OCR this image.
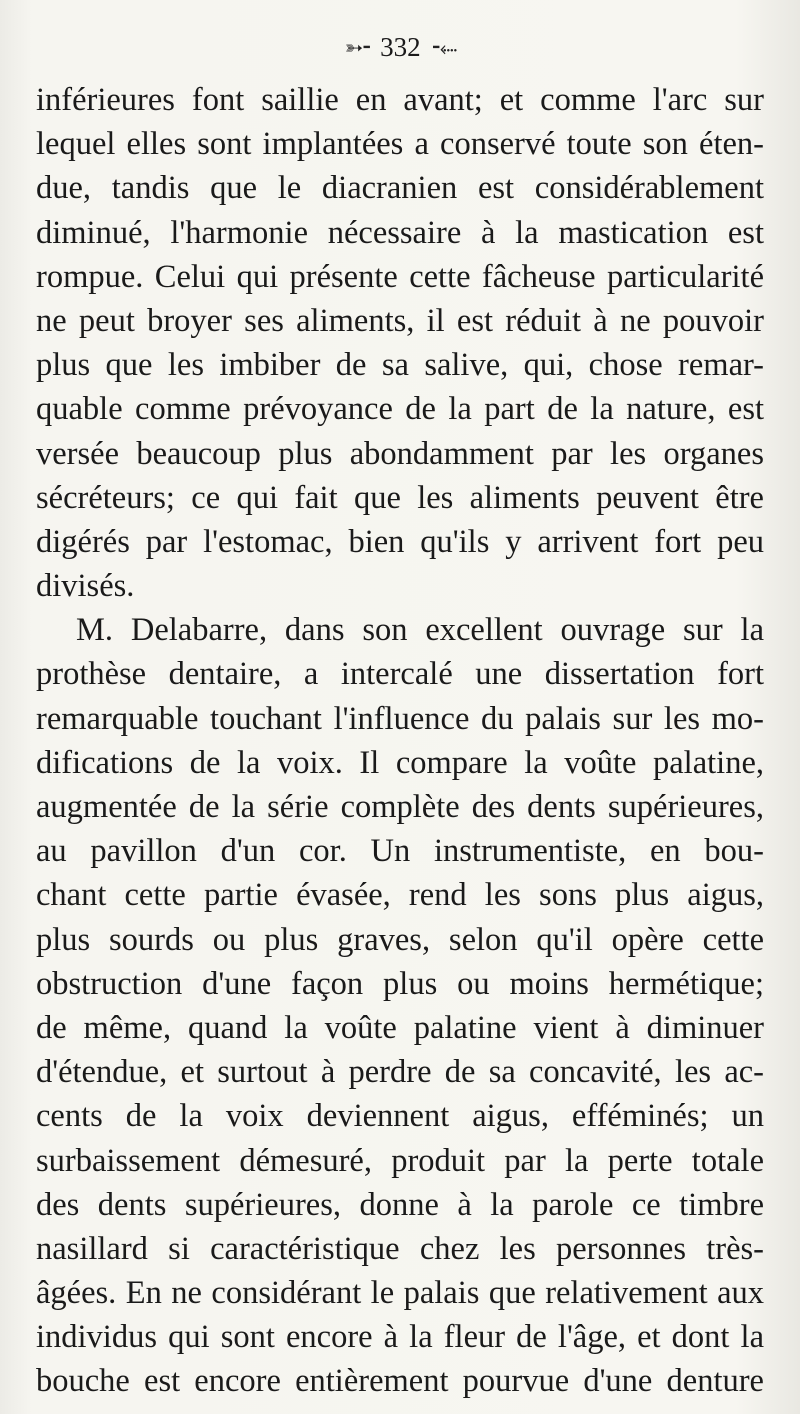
➳⁃ 332 ⁃⬸
inférieures font saillie en avant; et comme l'arc sur
lequel elles sont implantées a conservé toute son éten-
due, tandis que le diacranien est considérablement
diminué, l'harmonie nécessaire à la mastication est
rompue. Celui qui présente cette fâcheuse particularité
ne peut broyer ses aliments, il est réduit à ne pouvoir
plus que les imbiber de sa salive, qui, chose remar-
quable comme prévoyance de la part de la nature, est
versée beaucoup plus abondamment par les organes
sécréteurs; ce qui fait que les aliments peuvent être
digérés par l'estomac, bien qu'ils y arrivent fort peu
divisés.
M. Delabarre, dans son excellent ouvrage sur la
prothèse dentaire, a intercalé une dissertation fort
remarquable touchant l'influence du palais sur les mo-
difications de la voix. Il compare la voûte palatine,
augmentée de la série complète des dents supérieures,
au pavillon d'un cor. Un instrumentiste, en bou-
chant cette partie évasée, rend les sons plus aigus,
plus sourds ou plus graves, selon qu'il opère cette
obstruction d'une façon plus ou moins hermétique;
de même, quand la voûte palatine vient à diminuer
d'étendue, et surtout à perdre de sa concavité, les ac-
cents de la voix deviennent aigus, efféminés; un
surbaissement démesuré, produit par la perte totale
des dents supérieures, donne à la parole ce timbre
nasillard si caractéristique chez les personnes très-
âgées. En ne considérant le palais que relativement aux
individus qui sont encore à la fleur de l'âge, et dont la
bouche est encore entièrement pourvue d'une denture
